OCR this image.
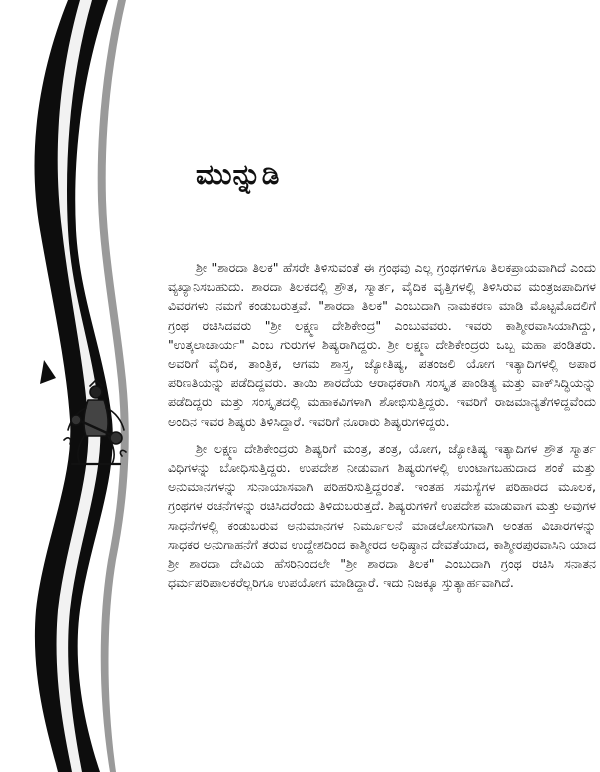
ಮುನ್ನುಡಿ

ಶ್ರೀ "ಶಾರದಾ ತಿಲಕ" ಹೆಸರೇ ತಿಳಿಸುವಂತೆ ಈ ಗ್ರಂಥವು ಎಲ್ಲ ಗ್ರಂಥಗಳಿಗೂ ತಿಲಕಪ್ರಾಯವಾಗಿದೆ ಎಂದು ವ್ಯಖ್ಯಾನಿಸಬಹುದು. ಶಾರದಾ ತಿಲಕದಲ್ಲಿ ಶ್ರೌತ, ಸ್ಮಾರ್ತ, ವೈದಿಕ ವೃತ್ತಿಗಳಲ್ಲಿ ತಿಳಿಸಿರುವ ಮಂತ್ರಜಪಾದಿಗಳ ವಿವರಗಳು ನಮಗೆ ಕಂಡುಬರುತ್ತವೆ. "ಶಾರದಾ ತಿಲಕ" ಎಂಬುದಾಗಿ ನಾಮಕರಣ ಮಾಡಿ ಮೊಟ್ಟಮೊದಲಿಗೆ ಗ್ರಂಥ ರಚಿಸಿದವರು "ಶ್ರೀ ಲಕ್ಷ್ಮಣ ದೇಶಿಕೇಂದ್ರ" ಎಂಬುವವರು. ಇವರು ಕಾಶ್ಮೀರವಾಸಿಯಾಗಿದ್ದು, "ಉತ್ಕಲಾಚಾರ್ಯ" ಎಂಬ ಗುರುಗಳ ಶಿಷ್ಯರಾಗಿದ್ದರು. ಶ್ರೀ ಲಕ್ಷ್ಮಣ ದೇಶಿಕೇಂದ್ರರು ಒಬ್ಬ ಮಹಾ ಪಂಡಿತರು. ಅವರಿಗೆ ವೈದಿಕ, ತಾಂತ್ರಿಕ, ಆಗಮ ಶಾಸ್ತ್ರ, ಜ್ಯೋತಿಷ್ಯ, ಪತಂಜಲಿ ಯೋಗ ಇತ್ಯಾದಿಗಳಲ್ಲಿ ಅಪಾರ ಪರಿಣತಿಯನ್ನು ಪಡೆದಿದ್ದವರು. ತಾಯಿ ಶಾರದೆಯ ಆರಾಧಕರಾಗಿ ಸಂಸ್ಕೃತ ಪಾಂಡಿತ್ಯ ಮತ್ತು ವಾಕ್‌ಸಿದ್ಧಿಯನ್ನು ಪಡೆದಿದ್ದರು ಮತ್ತು ಸಂಸ್ಕೃತದಲ್ಲಿ ಮಹಾಕವಿಗಳಾಗಿ ಶೋಭಿಸುತ್ತಿದ್ದರು. ಇವರಿಗೆ ರಾಜಮಾನ್ಯತೆಗಳಿದ್ದವೆಂದು ಅಂದಿನ ಇವರ ಶಿಷ್ಯರು ತಿಳಿಸಿದ್ದಾರೆ. ಇವರಿಗೆ ನೂರಾರು ಶಿಷ್ಯರುಗಳಿದ್ದರು.

ಶ್ರೀ ಲಕ್ಷ್ಮಣ ದೇಶಿಕೇಂದ್ರರು ಶಿಷ್ಯರಿಗೆ ಮಂತ್ರ, ತಂತ್ರ, ಯೋಗ, ಜ್ಯೋತಿಷ್ಯ ಇತ್ಯಾದಿಗಳ ಶ್ರೌತ ಸ್ಮಾರ್ತ ವಿಧಿಗಳನ್ನು ಬೋಧಿಸುತ್ತಿದ್ದರು. ಉಪದೇಶ ನೀಡುವಾಗ ಶಿಷ್ಯರುಗಳಲ್ಲಿ ಉಂಟಾಗಬಹುದಾದ ಶಂಕೆ ಮತ್ತು ಅನುಮಾನಗಳನ್ನು ಸುನಾಯಾಸವಾಗಿ ಪರಿಹರಿಸುತ್ತಿದ್ದರಂತೆ. ಇಂತಹ ಸಮಸ್ಯೆಗಳ ಪರಿಹಾರದ ಮೂಲಕ, ಗ್ರಂಥಗಳ ರಚನೆಗಳನ್ನು ರಚಿಸಿದರೆಂದು ತಿಳಿದುಬರುತ್ತದೆ. ಶಿಷ್ಯರುಗಳಿಗೆ ಉಪದೇಶ ಮಾಡುವಾಗ ಮತ್ತು ಅವುಗಳ ಸಾಧನೆಗಳಲ್ಲಿ ಕಂಡುಬರುವ ಅನುಮಾನಗಳ ನಿರ್ಮೂಲನೆ ಮಾಡಲೋಸುಗವಾಗಿ ಅಂತಹ ವಿಚಾರಗಳನ್ನು ಸಾಧಕರ ಅನುಗಾಹನೆಗೆ ತರುವ ಉದ್ದೇಶದಿಂದ ಕಾಶ್ಮೀರದ ಅಧಿಷ್ಠಾನ ದೇವತೆಯಾದ, ಕಾಶ್ಮೀರಪುರವಾಸಿನಿ ಯಾದ ಶ್ರೀ ಶಾರದಾ ದೇವಿಯ ಹೆಸರಿನಿಂದಲೇ "ಶ್ರೀ ಶಾರದಾ ತಿಲಕ" ಎಂಬುದಾಗಿ ಗ್ರಂಥ ರಚಿಸಿ ಸನಾತನ ಧರ್ಮಪರಿಪಾಲಕರೆಲ್ಲರಿಗೂ ಉಪಯೋಗ ಮಾಡಿದ್ದಾರೆ. ಇದು ನಿಜಕ್ಕೂ ಸ್ತುತ್ಯಾರ್ಹವಾಗಿದೆ.
